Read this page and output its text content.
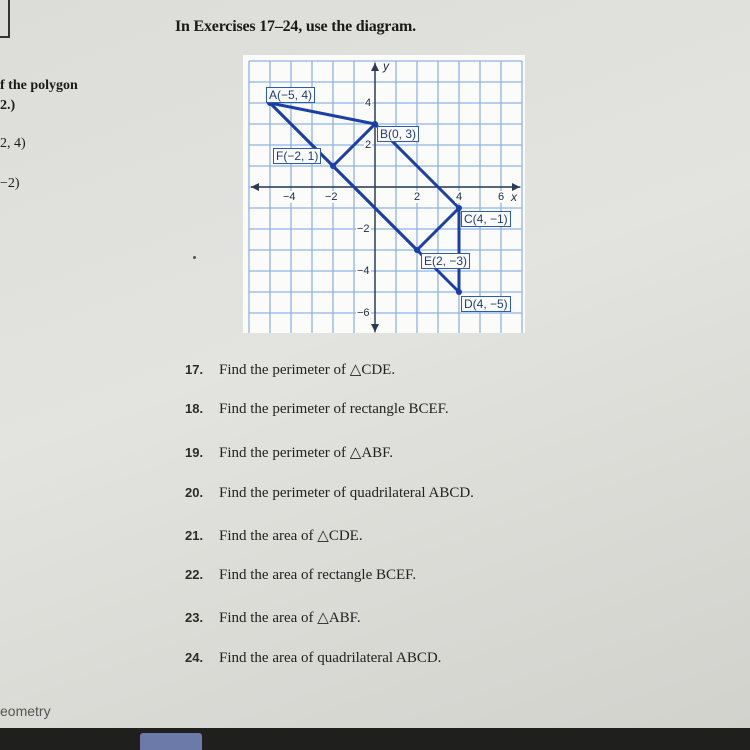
In Exercises 17–24, use the diagram.
f the polygon
2.)
2, 4)
−2)
−4	−2	2	4	6
4
2
−2
−4
−6
x
y
A(−5, 4)
B(0, 3)
C(4, −1)
D(4, −5)
E(2, −3)
F(−2, 1)
17. Find the perimeter of △CDE.
18. Find the perimeter of rectangle BCEF.
19. Find the perimeter of △ABF.
20. Find the perimeter of quadrilateral ABCD.
21. Find the area of △CDE.
22. Find the area of rectangle BCEF.
23. Find the area of △ABF.
24. Find the area of quadrilateral ABCD.
eometry
